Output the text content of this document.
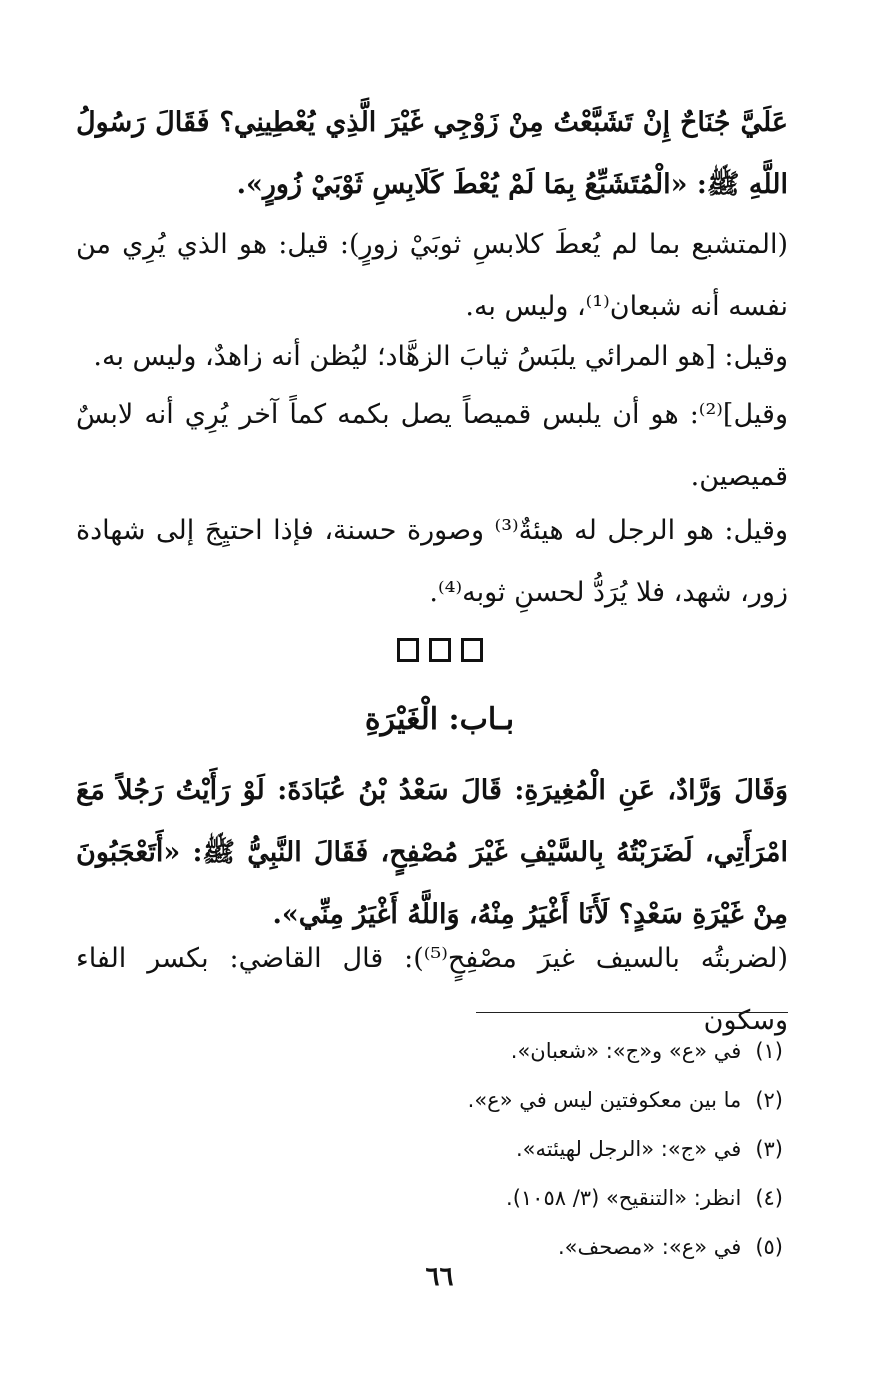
عَلَيَّ جُنَاحٌ إِنْ تَشَبَّعْتُ مِنْ زَوْجِي غَيْرَ الَّذِي يُعْطِينِي؟ فَقَالَ رَسُولُ اللَّهِ ﷺ: «الْمُتَشَبِّعُ بِمَا لَمْ يُعْطَ كَلَابِسِ ثَوْبَيْ زُورٍ».

(المتشبع بما لم يُعطَ كلابسِ ثوبَيْ زورٍ): قيل: هو الذي يُرِي من نفسه أنه شبعان⁽¹⁾، وليس به.

وقيل: [هو المرائي يلبَسُ ثيابَ الزهَّاد؛ ليُظن أنه زاهدٌ، وليس به.

وقيل]⁽²⁾: هو أن يلبس قميصاً يصل بكمه كماً آخر يُرِي أنه لابسٌ قميصين.

وقيل: هو الرجل له هيئةٌ⁽³⁾ وصورة حسنة، فإذا احتيِجَ إلى شهادة زور، شهد، فلا يُرَدُّ لحسنِ ثوبه⁽⁴⁾.

بـاب: الْغَيْرَةِ

وَقَالَ وَرَّادٌ، عَنِ الْمُغِيرَةِ: قَالَ سَعْدُ بْنُ عُبَادَةَ: لَوْ رَأَيْتُ رَجُلاً مَعَ امْرَأَتِي، لَضَرَبْتُهُ بِالسَّيْفِ غَيْرَ مُصْفِحٍ، فَقَالَ النَّبِيُّ ﷺ: «أَتَعْجَبُونَ مِنْ غَيْرَةِ سَعْدٍ؟ لَأَنَا أَغْيَرُ مِنْهُ، وَاللَّهُ أَغْيَرُ مِنِّي».

(لضربتُه بالسيف غيرَ مصْفِحٍ⁽⁵⁾): قال القاضي: بكسر الفاء وسكون

(١)في «ع» و«ج»: «شعبان».
(٢)ما بين معكوفتين ليس في «ع».
(٣)في «ج»: «الرجل لهيئته».
(٤)انظر: «التنقيح» (٣/ ١٠٥٨).
(٥)في «ع»: «مصحف».
٦٦
